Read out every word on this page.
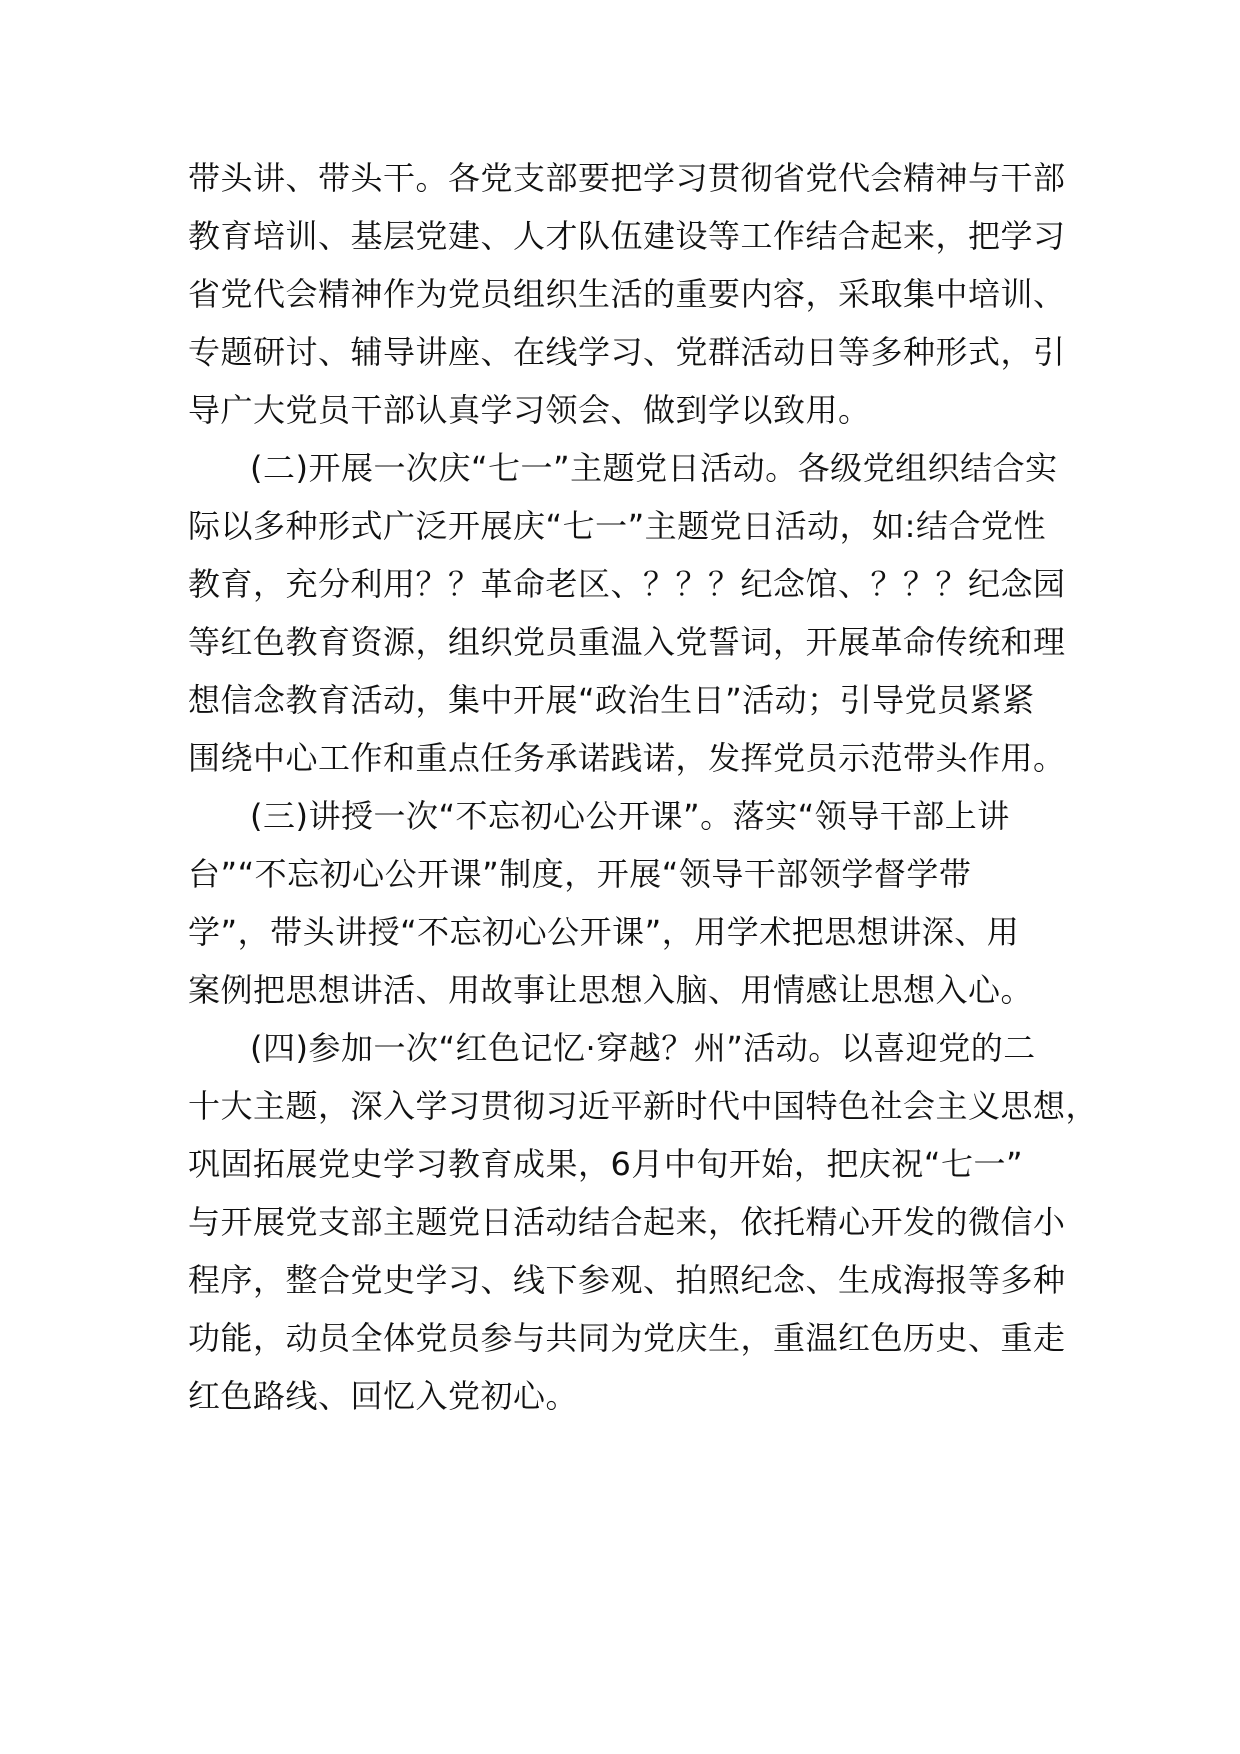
带头讲、带头干。各党支部要把学习贯彻省党代会精神与干部
教育培训、基层党建、人才队伍建设等工作结合起来，把学习
省党代会精神作为党员组织生活的重要内容，采取集中培训、
专题研讨、辅导讲座、在线学习、党群活动日等多种形式，引
导广大党员干部认真学习领会、做到学以致用。
(二)开展一次庆“七一”主题党日活动。各级党组织结合实
际以多种形式广泛开展庆“七一”主题党日活动，如:结合党性
教育，充分利用？？革命老区、？？？纪念馆、？？？纪念园
等红色教育资源，组织党员重温入党誓词，开展革命传统和理
想信念教育活动，集中开展“政治生日”活动；引导党员紧紧
围绕中心工作和重点任务承诺践诺，发挥党员示范带头作用。
(三)讲授一次“不忘初心公开课”。落实“领导干部上讲
台”“不忘初心公开课”制度，开展“领导干部领学督学带
学”，带头讲授“不忘初心公开课”，用学术把思想讲深、用
案例把思想讲活、用故事让思想入脑、用情感让思想入心。
(四)参加一次“红色记忆·穿越？州”活动。以喜迎党的二
十大主题，深入学习贯彻习近平新时代中国特色社会主义思想，
巩固拓展党史学习教育成果，6月中旬开始，把庆祝“七一”
与开展党支部主题党日活动结合起来，依托精心开发的微信小
程序，整合党史学习、线下参观、拍照纪念、生成海报等多种
功能，动员全体党员参与共同为党庆生，重温红色历史、重走
红色路线、回忆入党初心。
